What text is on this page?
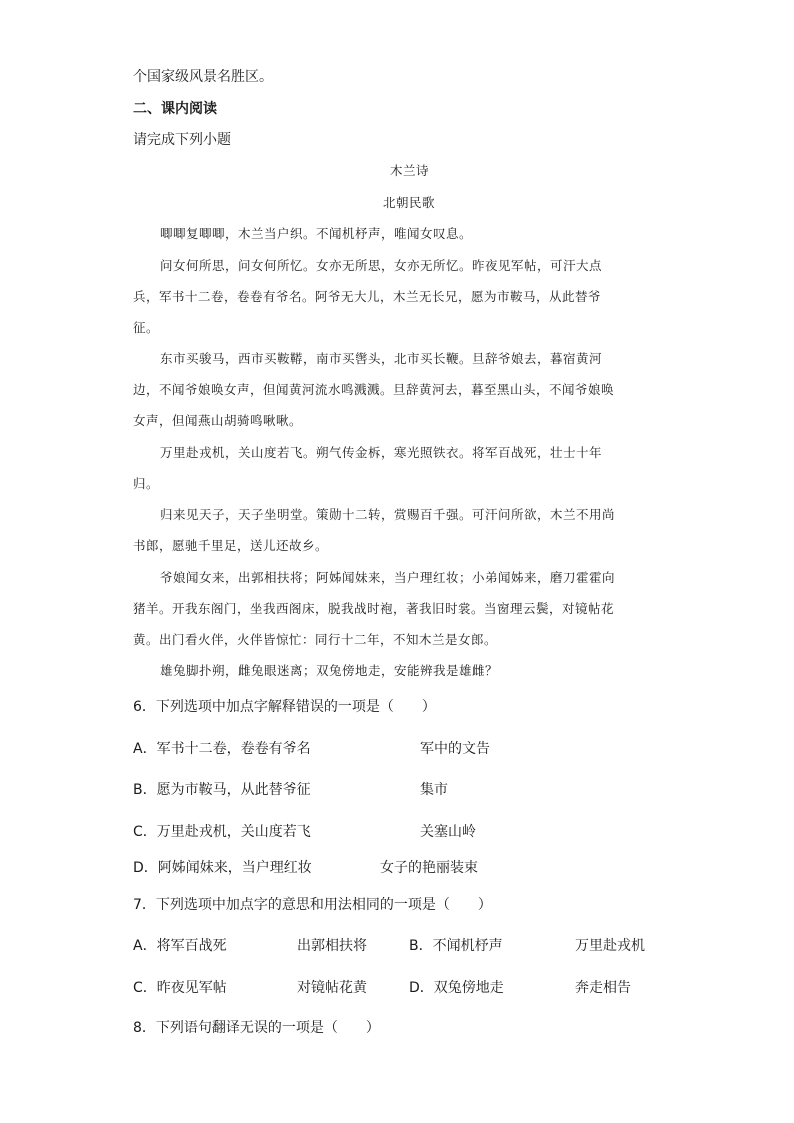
个国家级风景名胜区。
二、课内阅读
请完成下列小题
木兰诗
北朝民歌
唧唧复唧唧，木兰当户织。不闻机杼声，唯闻女叹息。
问女何所思，问女何所忆。女亦无所思，女亦无所忆。昨夜见军帖，可汗大点
兵，军书十二卷，卷卷有爷名。阿爷无大儿，木兰无长兄，愿为市鞍马，从此替爷
征。
东市买骏马，西市买鞍鞯，南市买辔头，北市买长鞭。旦辞爷娘去，暮宿黄河
边，不闻爷娘唤女声，但闻黄河流水鸣溅溅。旦辞黄河去，暮至黑山头，不闻爷娘唤
女声，但闻燕山胡骑鸣啾啾。
万里赴戎机，关山度若飞。朔气传金柝，寒光照铁衣。将军百战死，壮士十年
归。
归来见天子，天子坐明堂。策勋十二转，赏赐百千强。可汗问所欲，木兰不用尚
书郎，愿驰千里足，送儿还故乡。
爷娘闻女来，出郭相扶将；阿姊闻妹来，当户理红妆；小弟闻姊来，磨刀霍霍向
猪羊。开我东阁门，坐我西阁床，脱我战时袍，著我旧时裳。当窗理云鬓，对镜帖花
黄。出门看火伴，火伴皆惊忙：同行十二年，不知木兰是女郎。
雄兔脚扑朔，雌兔眼迷离；双兔傍地走，安能辨我是雄雌？
6．下列选项中加点字解释错误的一项是（　　）
A．军书十二卷，卷卷有爷名	军中的文告
B．愿为市鞍马，从此替爷征	集市
C．万里赴戎机，关山度若飞	关塞山岭
D．阿姊闻妹来，当户理红妆	女子的艳丽装束
7．下列选项中加点字的意思和用法相同的一项是（　　）
A．将军百战死	出郭相扶将	B．不闻机杼声	万里赴戎机
C．昨夜见军帖	对镜帖花黄	D．双兔傍地走	奔走相告
8．下列语句翻译无误的一项是（　　）
